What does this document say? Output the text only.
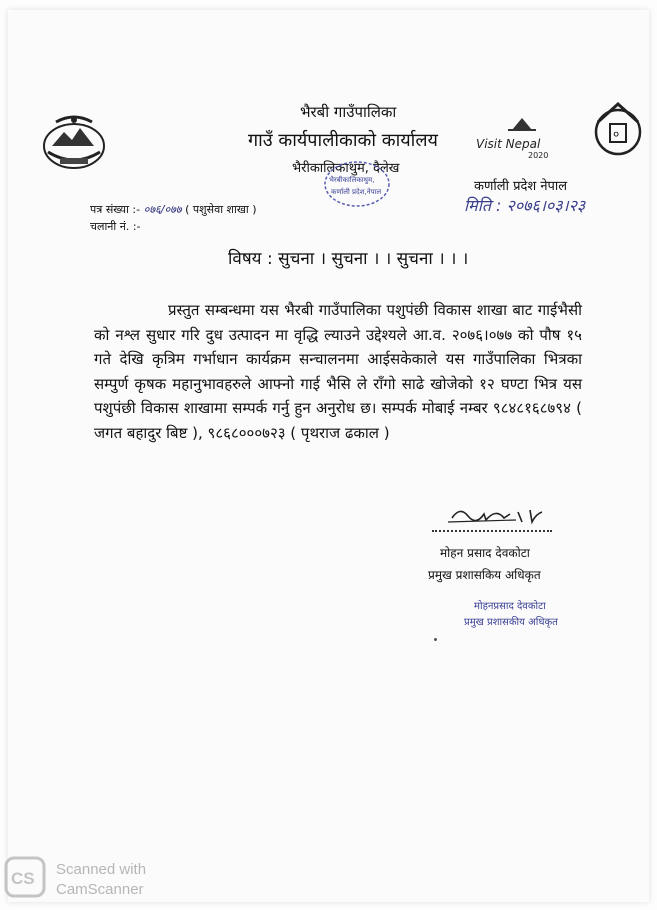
Visit Nepal
2020
०
भैरबी गाउँपालिका
गाउँ कार्यपालीकाको कार्यालय
भैरीकालिकाथुम, दैलेख
भैरबीकालिकाथुम,
कर्णाली प्रदेश,नेपाल	कर्णाली प्रदेश नेपाल
मिति : २०७६।०३।२३
पत्र संख्या :- ०७६/०७७ ( पशुसेवा शाखा )
चलानी नं. :-
विषय : सुचना । सुचना । । सुचना । । ।

प्रस्तुत सम्बन्धमा यस भैरबी गाउँपालिका पशुपंछी विकास शाखा बाट गाईभैसी को नश्ल सुधार गरि दुध उत्पादन मा वृद्धि ल्याउने उद्देश्यले आ.व. २०७६।०७७ को पौष १५ गते देखि कृत्रिम गर्भाधान कार्यक्रम सन्चालनमा आईसकेकाले यस गाउँपालिका भित्रका सम्पुर्ण कृषक महानुभावहरुले आफ्नो गाई भैसि ले राँगो साढे खोजेको १२ घण्टा भित्र यस पशुपंछी विकास शाखामा सम्पर्क गर्नु हुन अनुरोध छ। सम्पर्क मोबाई नम्बर ९८४८१६८७९४ ( जगत बहादुर बिष्ट ), ९८६८०००७२३ ( पृथराज ढकाल )

मोहन प्रसाद देवकोटा
प्रमुख प्रशासकिय अधिकृत
मोहनप्रसाद देवकोटा
प्रमुख प्रशासकीय अधिकृत
CS Scanned with
CamScanner
